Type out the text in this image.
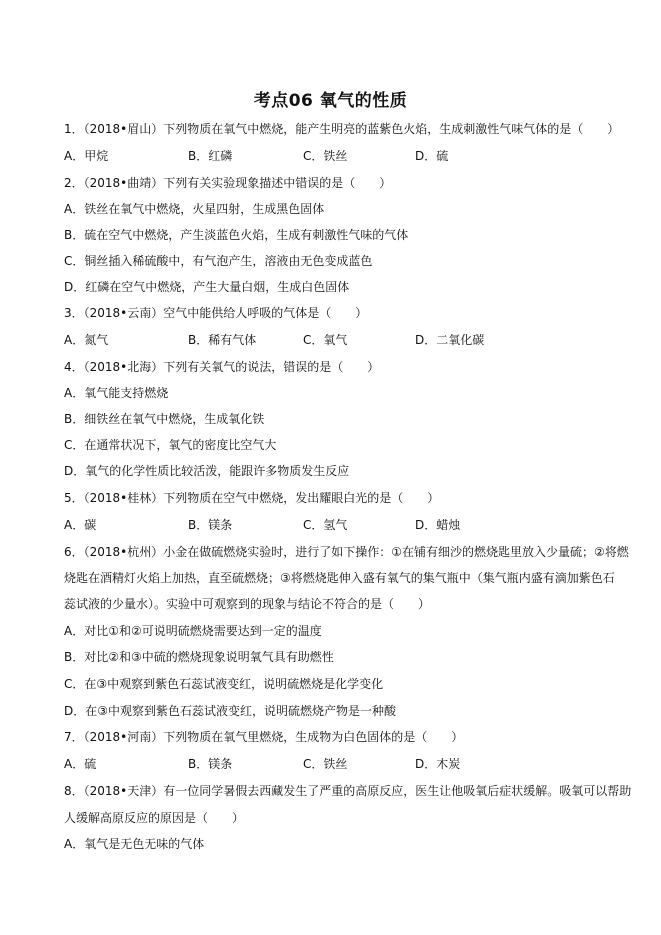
考点06 氧气的性质
1．（2018•眉山）下列物质在氧气中燃烧，能产生明亮的蓝紫色火焰，生成刺激性气味气体的是（　　）
A．甲烷	B．红磷	C．铁丝	D．硫
2．（2018•曲靖）下列有关实验现象描述中错误的是（　　）
A．铁丝在氧气中燃烧，火星四射，生成黑色固体
B．硫在空气中燃烧，产生淡蓝色火焰，生成有刺激性气味的气体
C．铜丝插入稀硫酸中，有气泡产生，溶液由无色变成蓝色
D．红磷在空气中燃烧，产生大量白烟，生成白色固体
3．（2018•云南）空气中能供给人呼吸的气体是（　　）
A．氮气	B．稀有气体	C．氧气	D．二氧化碳
4．（2018•北海）下列有关氧气的说法，错误的是（　　）
A．氧气能支持燃烧
B．细铁丝在氧气中燃烧，生成氧化铁
C．在通常状况下，氧气的密度比空气大
D．氧气的化学性质比较活泼，能跟许多物质发生反应
5．（2018•桂林）下列物质在空气中燃烧，发出耀眼白光的是（　　）
A．碳	B．镁条	C．氢气	D．蜡烛
6．（2018•杭州）小金在做硫燃烧实验时，进行了如下操作：①在铺有细沙的燃烧匙里放入少量硫；②将燃
烧匙在酒精灯火焰上加热，直至硫燃烧；③将燃烧匙伸入盛有氧气的集气瓶中（集气瓶内盛有滴加紫色石
蕊试液的少量水）。实验中可观察到的现象与结论不符合的是（　　）
A．对比①和②可说明硫燃烧需要达到一定的温度
B．对比②和③中硫的燃烧现象说明氧气具有助燃性
C．在③中观察到紫色石蕊试液变红，说明硫燃烧是化学变化
D．在③中观察到紫色石蕊试液变红，说明硫燃烧产物是一种酸
7．（2018•河南）下列物质在氧气里燃烧，生成物为白色固体的是（　　）
A．硫	B．镁条	C．铁丝	D．木炭
8．（2018•天津）有一位同学暑假去西藏发生了严重的高原反应，医生让他吸氧后症状缓解。吸氧可以帮助
人缓解高原反应的原因是（　　）
A．氧气是无色无味的气体
